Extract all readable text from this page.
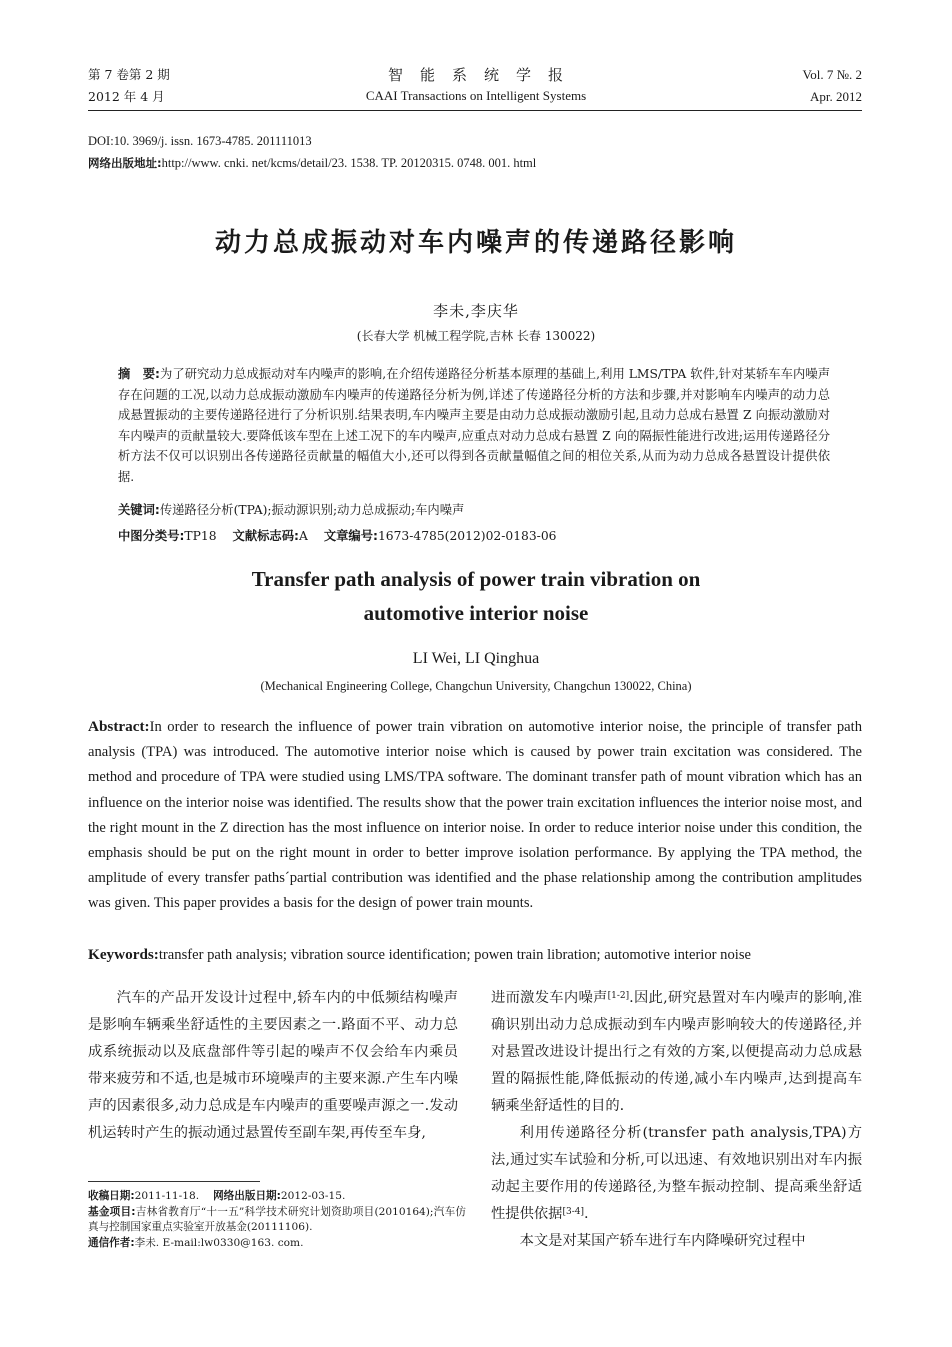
第 7 卷第 2 期
2012 年 4 月
智　能　系　统　学　报
CAAI Transactions on Intelligent Systems
Vol. 7 №. 2
Apr. 2012
DOI:10. 3969/j. issn. 1673-4785. 201111013
网络出版地址:http://www. cnki. net/kcms/detail/23. 1538. TP. 20120315. 0748. 001. html
动力总成振动对车内噪声的传递路径影响
李未,李庆华
(长春大学 机械工程学院,吉林 长春 130022)
摘　要:为了研究动力总成振动对车内噪声的影响,在介绍传递路径分析基本原理的基础上,利用 LMS/TPA 软件,针对某轿车车内噪声存在问题的工况,以动力总成振动激励车内噪声的传递路径分析为例,详述了传递路径分析的方法和步骤,并对影响车内噪声的动力总成悬置振动的主要传递路径进行了分析识别.结果表明,车内噪声主要是由动力总成振动激励引起,且动力总成右悬置 Z 向振动激励对车内噪声的贡献量较大.要降低该车型在上述工况下的车内噪声,应重点对动力总成右悬置 Z 向的隔振性能进行改进;运用传递路径分析方法不仅可以识别出各传递路径贡献量的幅值大小,还可以得到各贡献量幅值之间的相位关系,从而为动力总成各悬置设计提供依据.
关键词:传递路径分析(TPA);振动源识别;动力总成振动;车内噪声
中图分类号:TP18 文献标志码:A 文章编号:1673-4785(2012)02-0183-06
Transfer path analysis of power train vibration on
automotive interior noise
LI Wei, LI Qinghua
(Mechanical Engineering College, Changchun University, Changchun 130022, China)
Abstract:In order to research the influence of power train vibration on automotive interior noise, the principle of transfer path analysis (TPA) was introduced. The automotive interior noise which is caused by power train excitation was considered. The method and procedure of TPA were studied using LMS/TPA software. The dominant transfer path of mount vibration which has an influence on the interior noise was identified. The results show that the power train excitation influences the interior noise most, and the right mount in the Z direction has the most influence on interior noise. In order to reduce interior noise under this condition, the emphasis should be put on the right mount in order to better improve isolation performance. By applying the TPA method, the amplitude of every transfer paths´partial contribution was identified and the phase relationship among the contribution amplitudes was given. This paper provides a basis for the design of power train mounts.
Keywords:transfer path analysis; vibration source identification; powen train libration; automotive interior noise

汽车的产品开发设计过程中,轿车内的中低频结构噪声是影响车辆乘坐舒适性的主要因素之一.路面不平、动力总成系统振动以及底盘部件等引起的噪声不仅会给车内乘员带来疲劳和不适,也是城市环境噪声的主要来源.产生车内噪声的因素很多,动力总成是车内噪声的重要噪声源之一.发动机运转时产生的振动通过悬置传至副车架,再传至车身,

收稿日期:2011-11-18. 网络出版日期:2012-03-15.
基金项目:吉林省教育厅“十一五”科学技术研究计划资助项目(2010164);汽车仿真与控制国家重点实验室开放基金(20111106).
通信作者:李未. E-mail:lw0330@163. com.

进而激发车内噪声[1-2].因此,研究悬置对车内噪声的影响,准确识别出动力总成振动到车内噪声影响较大的传递路径,并对悬置改进设计提出行之有效的方案,以便提高动力总成悬置的隔振性能,降低振动的传递,减小车内噪声,达到提高车辆乘坐舒适性的目的.

利用传递路径分析(transfer path analysis,TPA)方法,通过实车试验和分析,可以迅速、有效地识别出对车内振动起主要作用的传递路径,为整车振动控制、提高乘坐舒适性提供依据[3-4].

本文是对某国产轿车进行车内降噪研究过程中
